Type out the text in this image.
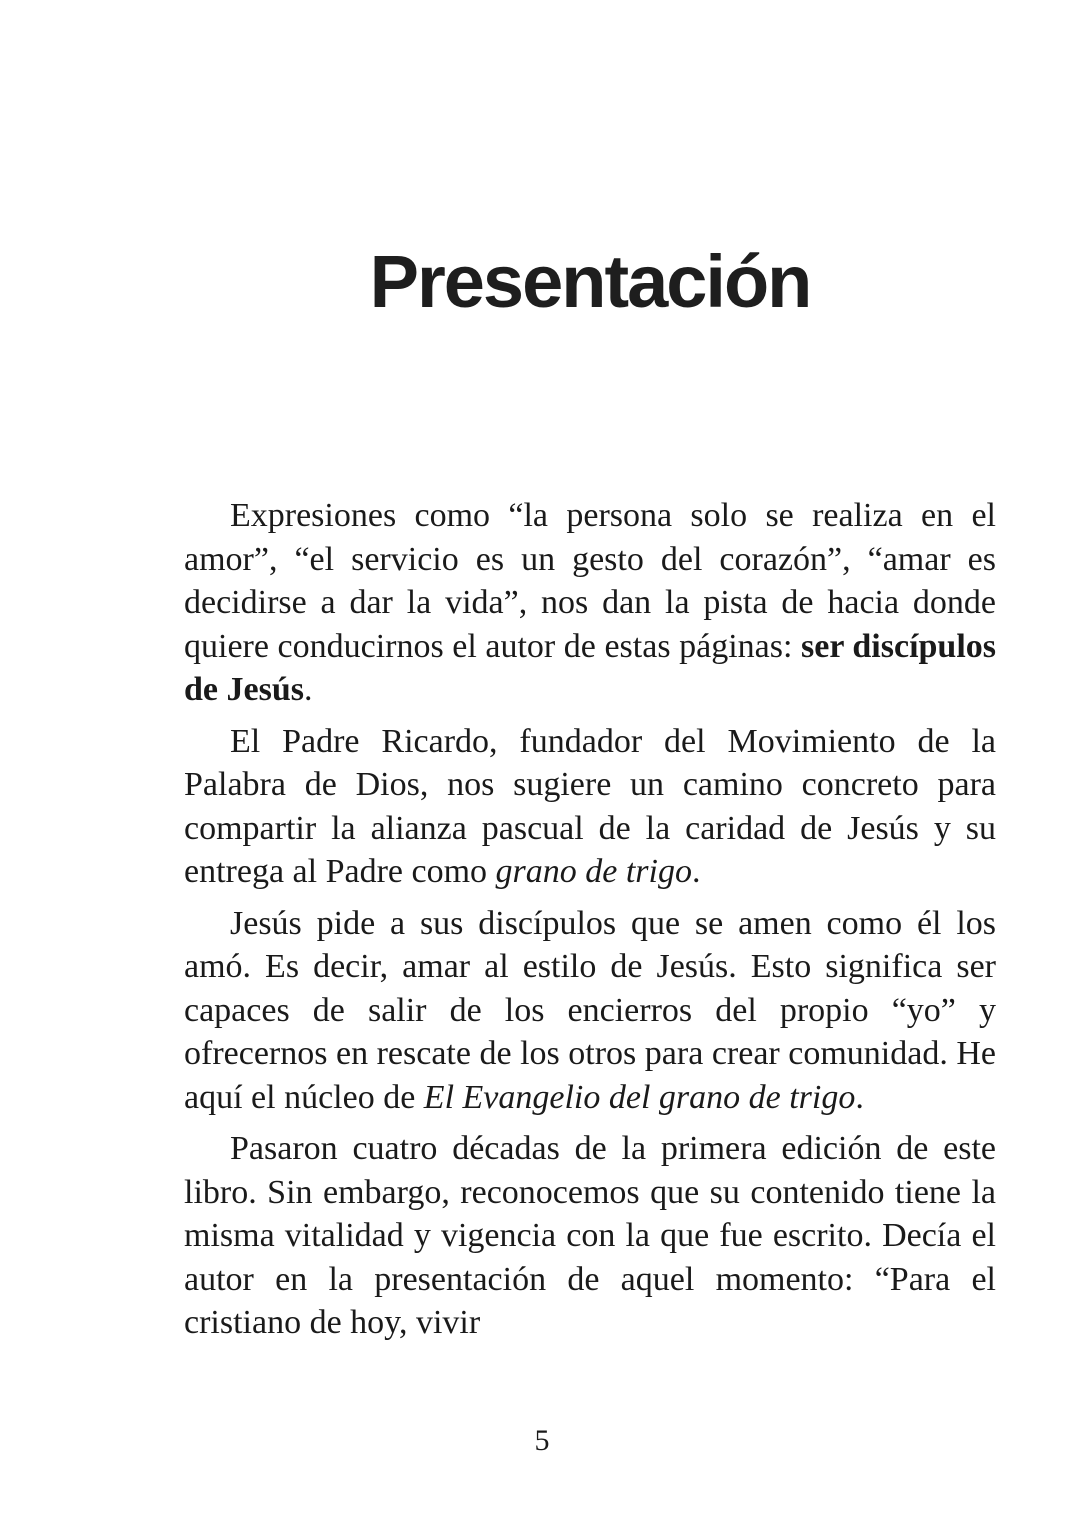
Presentación

Expresiones como “la persona solo se realiza en el amor”, “el servicio es un gesto del corazón”, “amar es decidirse a dar la vida”, nos dan la pista de hacia donde quiere conducirnos el autor de estas páginas: ser discípulos de Jesús.

El Padre Ricardo, fundador del Movimiento de la Palabra de Dios, nos sugiere un camino concreto para compartir la alianza pascual de la caridad de Jesús y su entrega al Padre como grano de trigo.

Jesús pide a sus discípulos que se amen como él los amó. Es decir, amar al estilo de Jesús. Esto significa ser capaces de salir de los encierros del propio “yo” y ofrecernos en rescate de los otros para crear comunidad. He aquí el núcleo de El Evangelio del grano de trigo.

Pasaron cuatro décadas de la primera edición de este libro. Sin embargo, reconocemos que su contenido tiene la misma vitalidad y vigencia con la que fue escrito. Decía el autor en la presentación de aquel momento: “Para el cristiano de hoy, vivir

5
